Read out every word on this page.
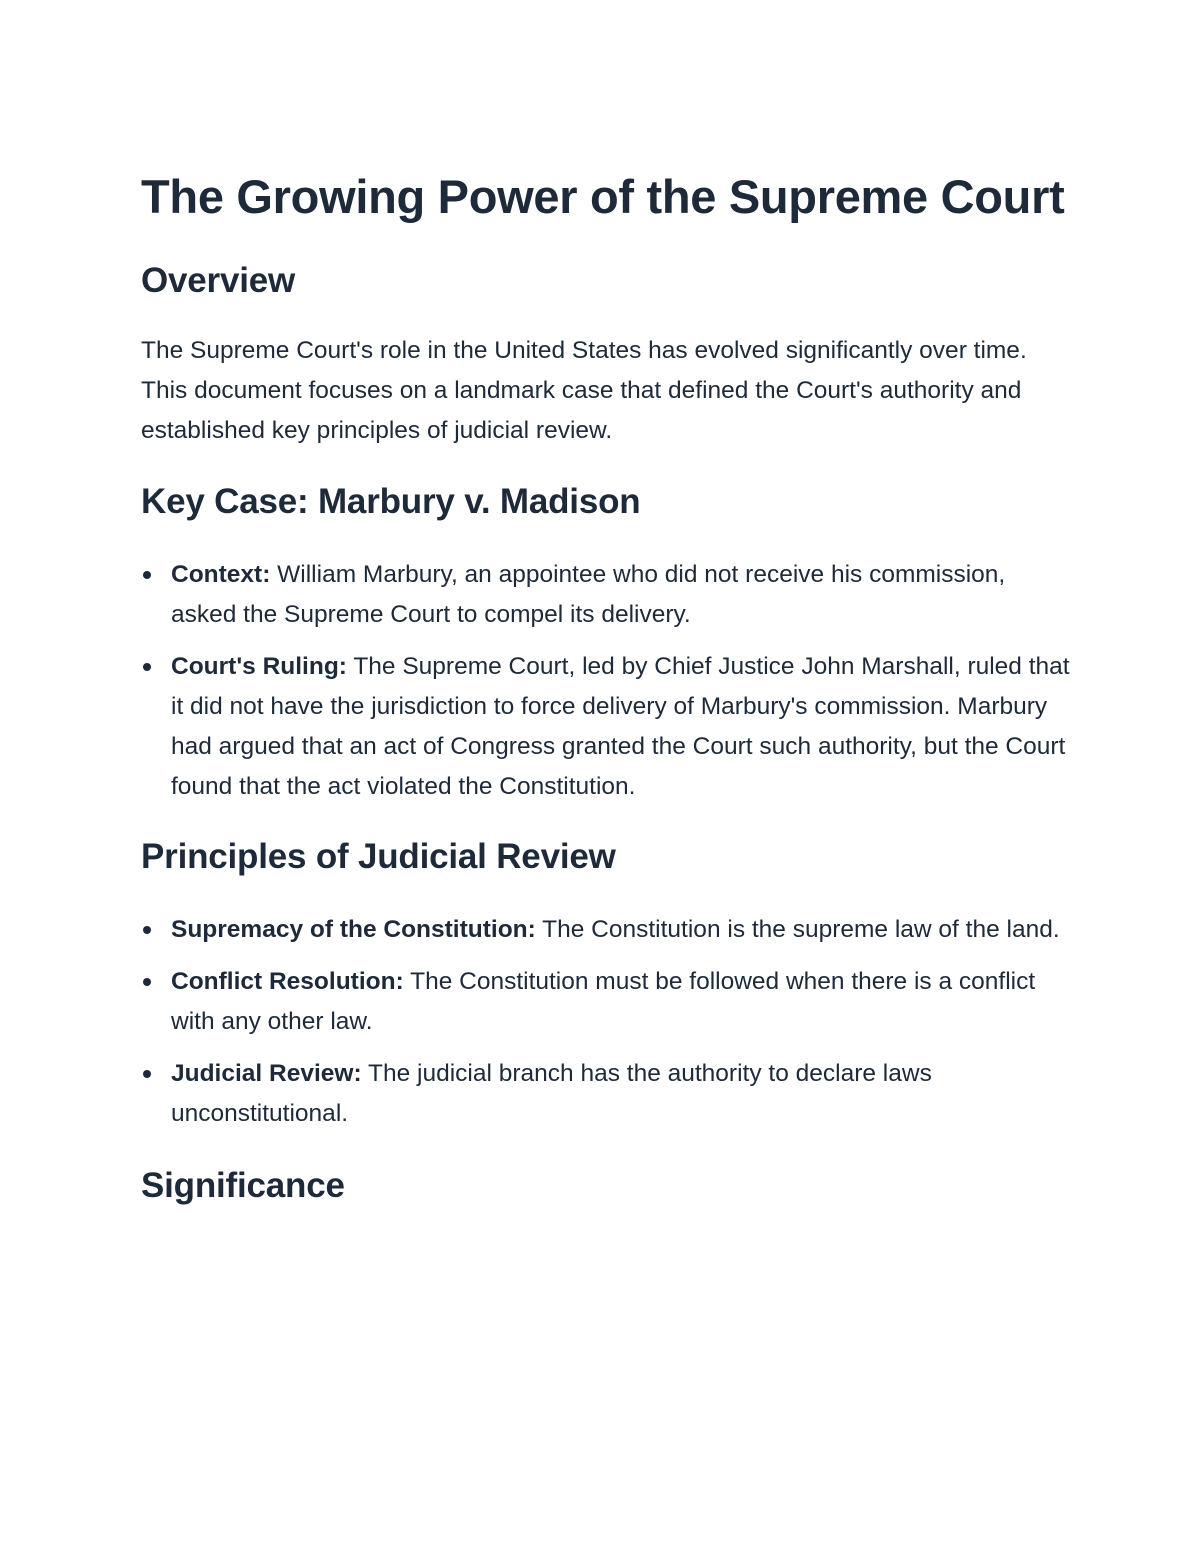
The Growing Power of the Supreme Court
Overview

The Supreme Court's role in the United States has evolved significantly over time. This document focuses on a landmark case that defined the Court's authority and established key principles of judicial review.

Key Case: Marbury v. Madison
Context: William Marbury, an appointee who did not receive his commission, asked the Supreme Court to compel its delivery.
Court's Ruling: The Supreme Court, led by Chief Justice John Marshall, ruled that it did not have the jurisdiction to force delivery of Marbury's commission. Marbury had argued that an act of Congress granted the Court such authority, but the Court found that the act violated the Constitution.
Principles of Judicial Review
Supremacy of the Constitution: The Constitution is the supreme law of the land.
Conflict Resolution: The Constitution must be followed when there is a conflict with any other law.
Judicial Review: The judicial branch has the authority to declare laws unconstitutional.
Significance
